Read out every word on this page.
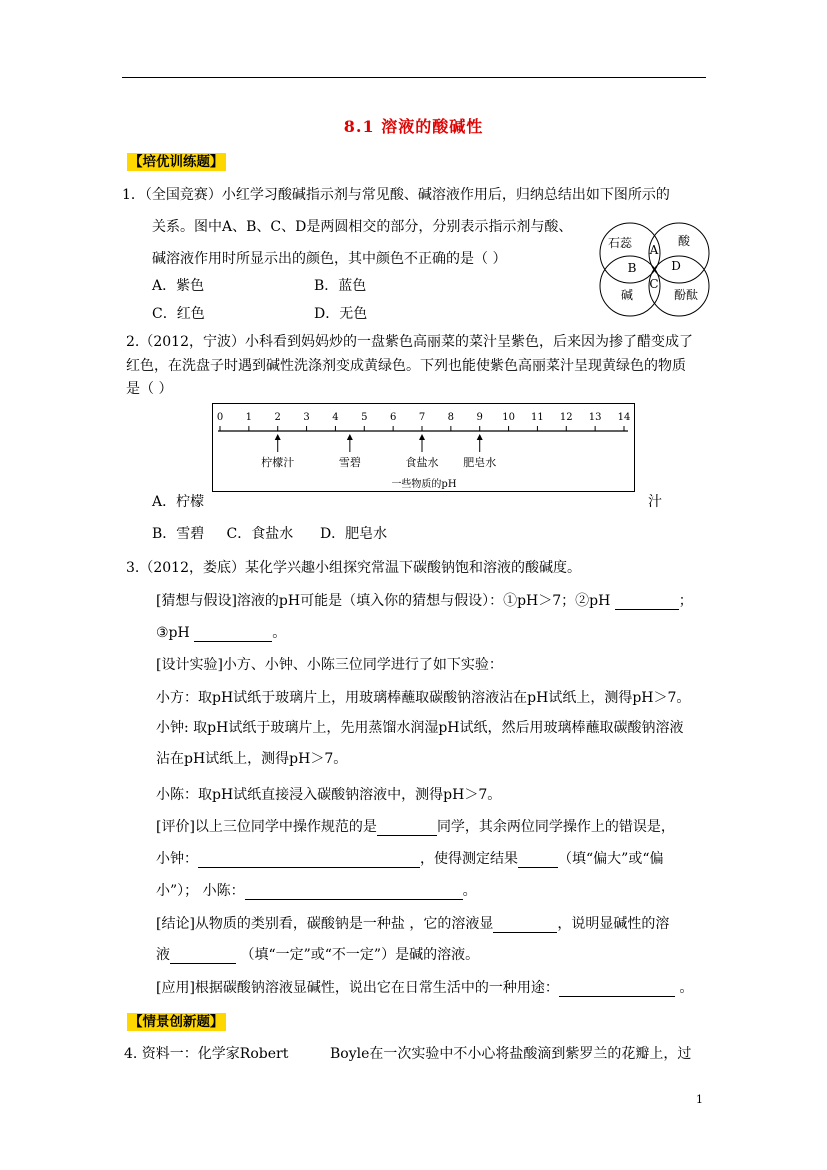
8.1 溶液的酸碱性
【培优训练题】
1．（全国竞赛）小红学习酸碱指示剂与常见酸、碱溶液作用后，归纳总结出如下图所示的
关系。图中A、B、C、D是两圆相交的部分，分别表示指示剂与酸、
碱溶液作用时所显示出的颜色，其中颜色不正确的是（ ）
A．紫色	B．蓝色
C．红色	D．无色
石蕊	酸
碱	酚酞
A
B
C
D
2.（2012，宁波）小科看到妈妈炒的一盘紫色高丽菜的菜汁呈紫色，后来因为掺了醋变成了
红色，在洗盘子时遇到碱性洗涤剂变成黄绿色。下列也能使紫色高丽菜汁呈现黄绿色的物质
是（ ）
0 1 2 3 4 5 6 7 8 9 10 11 12 13 14
柠檬汁	雪碧	食盐水 肥皂水
一些物质的pH
A．柠檬	汁
B．雪碧     C．食盐水      D．肥皂水
3.（2012，娄底）某化学兴趣小组探究常温下碳酸钠饱和溶液的酸碱度。
[猜想与假设]溶液的pH可能是（填入你的猜想与假设）：①pH＞7；②pH	；
③pH	。
[设计实验]小方、小钟、小陈三位同学进行了如下实验：
小方：取pH试纸于玻璃片上，用玻璃棒蘸取碳酸钠溶液沾在pH试纸上，测得pH＞7。
小钟: 取pH试纸于玻璃片上，先用蒸馏水润湿pH试纸，然后用玻璃棒蘸取碳酸钠溶液
沾在pH试纸上，测得pH＞7。
小陈：取pH试纸直接浸入碳酸钠溶液中，测得pH＞7。
[评价]以上三位同学中操作规范的是	同学，其余两位同学操作上的错误是，
小钟：	，使得测定结果	（填“偏大”或“偏
小”）； 小陈：	。
[结论]从物质的类别看，碳酸钠是一种盐 ，它的溶液显	，说明显碱性的溶
液	（填“一定”或“不一定”）是碱的溶液。
[应用]根据碳酸钠溶液显碱性，说出它在日常生活中的一种用途：	。
【情景创新题】
4. 资料一：化学家Robert	Boyle在一次实验中不小心将盐酸滴到紫罗兰的花瓣上，过
1
